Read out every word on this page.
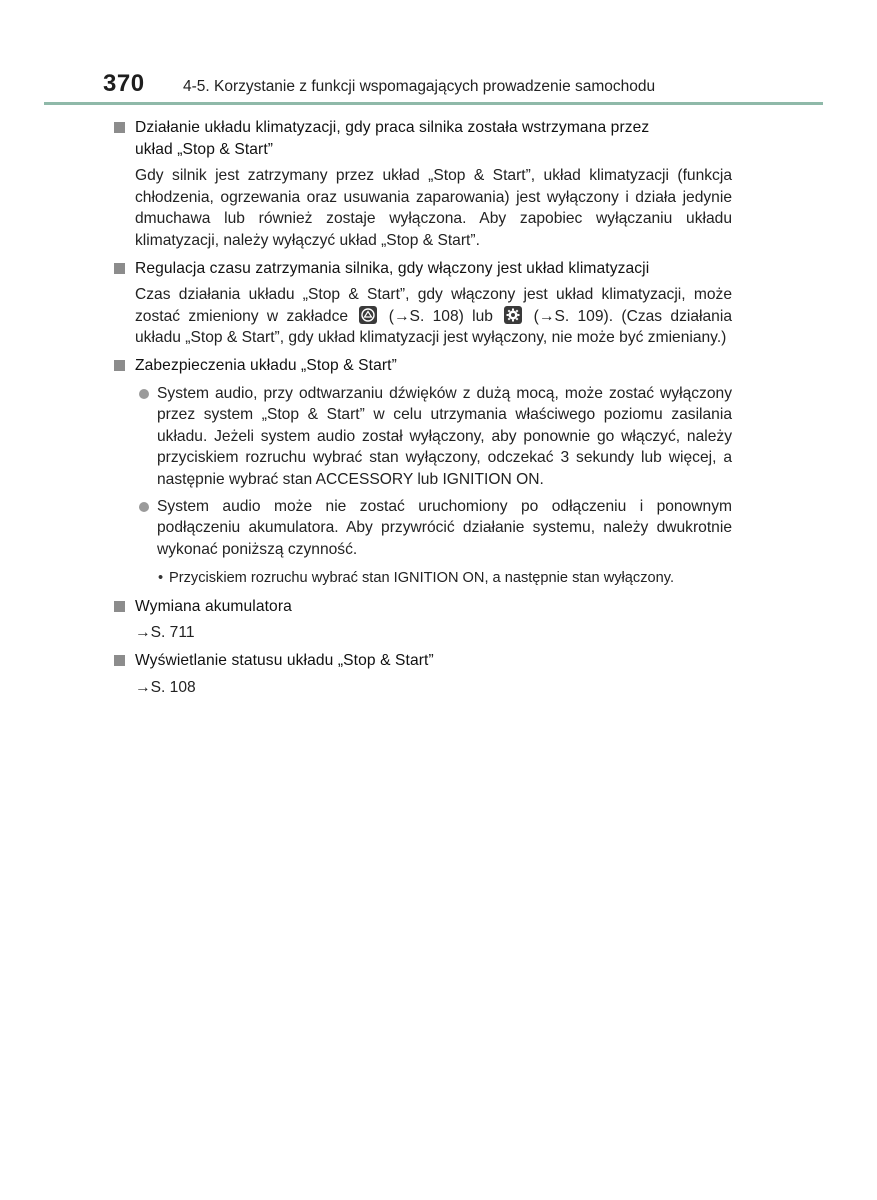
370 4-5. Korzystanie z funkcji wspomagających prowadzenie samochodu
Działanie układu klimatyzacji, gdy praca silnika została wstrzymana przez
układ „Stop & Start”
Gdy silnik jest zatrzymany przez układ „Stop & Start”, układ klimatyzacji (funkcja chłodzenia, ogrzewania oraz usuwania zaparowania) jest wyłączony i działa jedynie dmuchawa lub również zostaje wyłączona. Aby zapobiec wyłączaniu układu klimatyzacji, należy wyłączyć układ „Stop & Start”.
Regulacja czasu zatrzymania silnika, gdy włączony jest układ klimatyzacji
Czas działania układu „Stop & Start”, gdy włączony jest układ klimatyzacji, może zostać zmieniony w zakładce	(→S. 108) lub	(→S. 109). (Czas działania układu „Stop & Start”, gdy układ klimatyzacji jest wyłączony, nie może być zmieniany.)
Zabezpieczenia układu „Stop & Start”
System audio, przy odtwarzaniu dźwięków z dużą mocą, może zostać wyłączony przez system „Stop & Start” w celu utrzymania właściwego poziomu zasilania układu. Jeżeli system audio został wyłączony, aby ponownie go włączyć, należy przyciskiem rozruchu wybrać stan wyłączony, odczekać 3 sekundy lub więcej, a następnie wybrać stan ACCESSORY lub IGNITION ON.
System audio może nie zostać uruchomiony po odłączeniu i ponownym podłączeniu akumulatora. Aby przywrócić działanie systemu, należy dwukrotnie wykonać poniższą czynność.
• Przyciskiem rozruchu wybrać stan IGNITION ON, a następnie stan wyłączony.
Wymiana akumulatora
→S. 711
Wyświetlanie statusu układu „Stop & Start”
→S. 108
